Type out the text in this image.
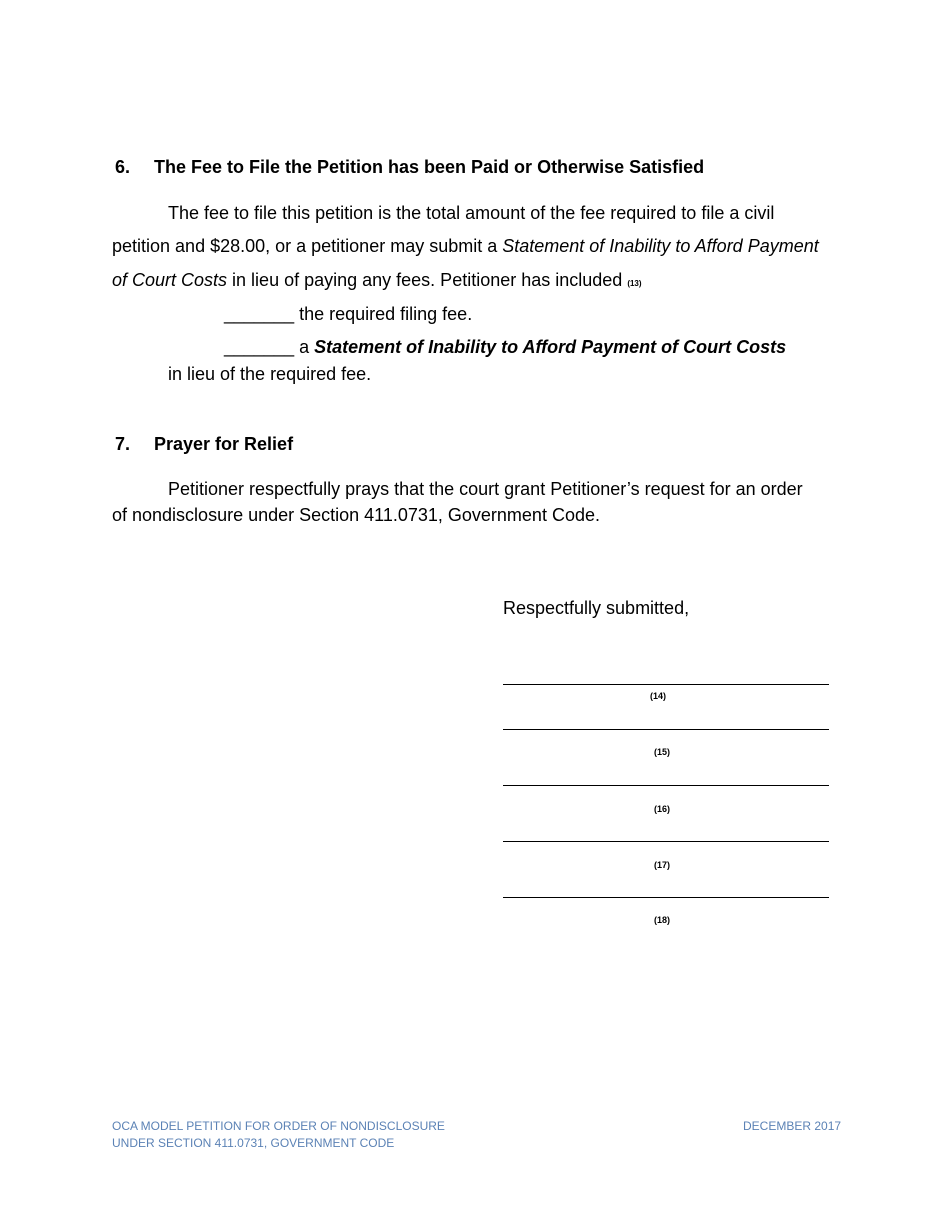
6. The Fee to File the Petition has been Paid or Otherwise Satisfied
The fee to file this petition is the total amount of the fee required to file a civil
petition and $28.00, or a petitioner may submit a Statement of Inability to Afford Payment
of Court Costs in lieu of paying any fees. Petitioner has included (13)
_______ the required filing fee.
_______ a Statement of Inability to Afford Payment of Court Costs
in lieu of the required fee.
7. Prayer for Relief
Petitioner respectfully prays that the court grant Petitioner’s request for an order
of nondisclosure under Section 411.0731, Government Code.
Respectfully submitted,
(14)
(15)
(16)
(17)
(18)
OCA MODEL PETITION FOR ORDER OF NONDISCLOSURE
UNDER SECTION 411.0731, GOVERNMENT CODE
DECEMBER 2017
